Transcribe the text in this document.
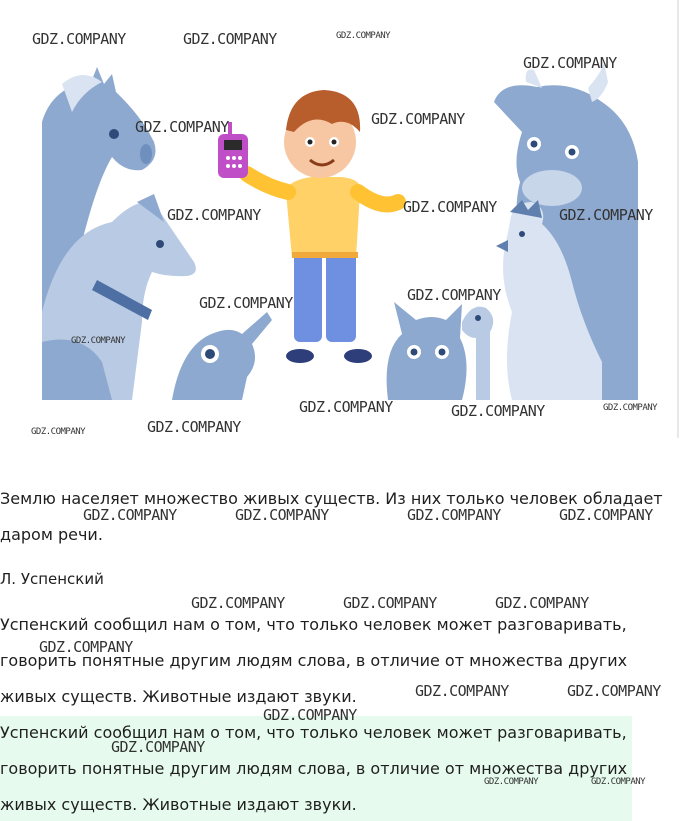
GDZ.COMPANY	GDZ.COMPANY	GDZ.COMPANY
GDZ.COMPANY
GDZ.COMPANY	GDZ.COMPANY
GDZ.COMPANY	GDZ.COMPANY	GDZ.COMPANY
GDZ.COMPANY	GDZ.COMPANY
GDZ.COMPANY
GDZ.COMPANY	GDZ.COMPANY	GDZ.COMPANY
GDZ.COMPANY	GDZ.COMPANY
Землю населяет множество живых существ. Из них только человек обладает
даром речи.
Л. Успенский
Успенский сообщил нам о том, что только человек может разговаривать,
говорить понятные другим людям слова, в отличие от множества других
живых существ. Животные издают звуки.
Успенский сообщил нам о том, что только человек может разговаривать,
говорить понятные другим людям слова, в отличие от множества других
живых существ. Животные издают звуки.
GDZ.COMPANY	GDZ.COMPANY	GDZ.COMPANY	GDZ.COMPANY
GDZ.COMPANY	GDZ.COMPANY	GDZ.COMPANY
GDZ.COMPANY
GDZ.COMPANY	GDZ.COMPANY
GDZ.COMPANY
GDZ.COMPANY
GDZ.COMPANY	GDZ.COMPANY
